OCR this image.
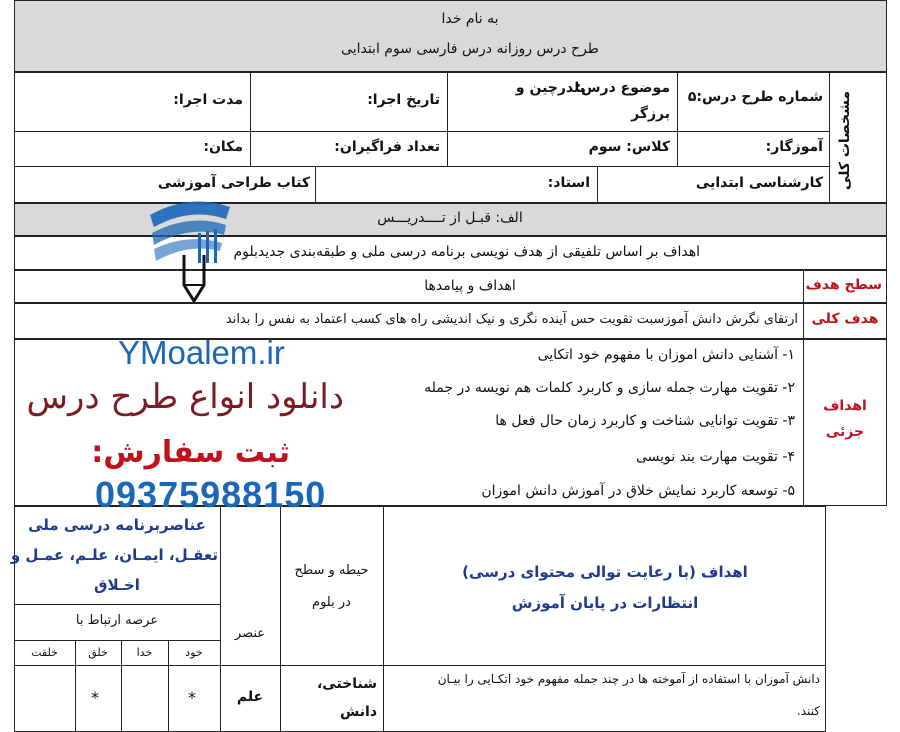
به نام خدا
طرح درس روزانه درس فارسی سوم ابتدایی
مشخصات کلی
شماره طرح درس:۵
موضوع درس:
بلدرچین و
برزگر
تاریخ اجرا:
مدت اجرا:
آموزگار:
کلاس: سوم
تعداد فراگیران:
مکان:
کارشناسی ابتدایی
استاد:
کتاب طراحی آموزشی
الف: قبـل از تــــدریـــس
اهداف بر اساس تلفیقی از هدف نویسی برنامه درسی ملی و طبقه‌بندی جدیدبلوم
سطح هدف
اهداف و پیامدها
هدف کلی
ارتقای نگرش دانش آموزسبت تقویت حس آینده نگری و نیک اندیشی راه های کسب اعتماد به نفس را بداند
اهداف
جزئی
۱- آشنایی دانش اموزان با مفهوم خود اتکایی
۲- تقویت مهارت جمله سازی و کاربرد کلمات هم نویسه در جمله
۳- تقویت توانایی شناخت و کاربرد زمان حال فعل ها
۴- تقویت مهارت بند نویسی
۵- توسعه کاربرد نمایش خلاق در آموزش دانش اموزان
اهداف (با رعایت توالی محتوای درسی)
انتظارات در پایان آموزش
حیطه و سطح
در بلوم
عنصر
عناصربرنامه درسی ملی
تعقـل، ایمـان، علـم، عمـل و
اخـلاق
عرصه ارتباط با
خود
خدا
خلق
خلقت
دانش آموزان با استفاده از آموخته ها در چند جمله مفهوم خود اتکـایی را بیـان
کنند.
شناختی،
دانش
علم
*
*
YMoalem.ir
دانلود انواع طرح درس
ثبت سفارش:
09375988150
